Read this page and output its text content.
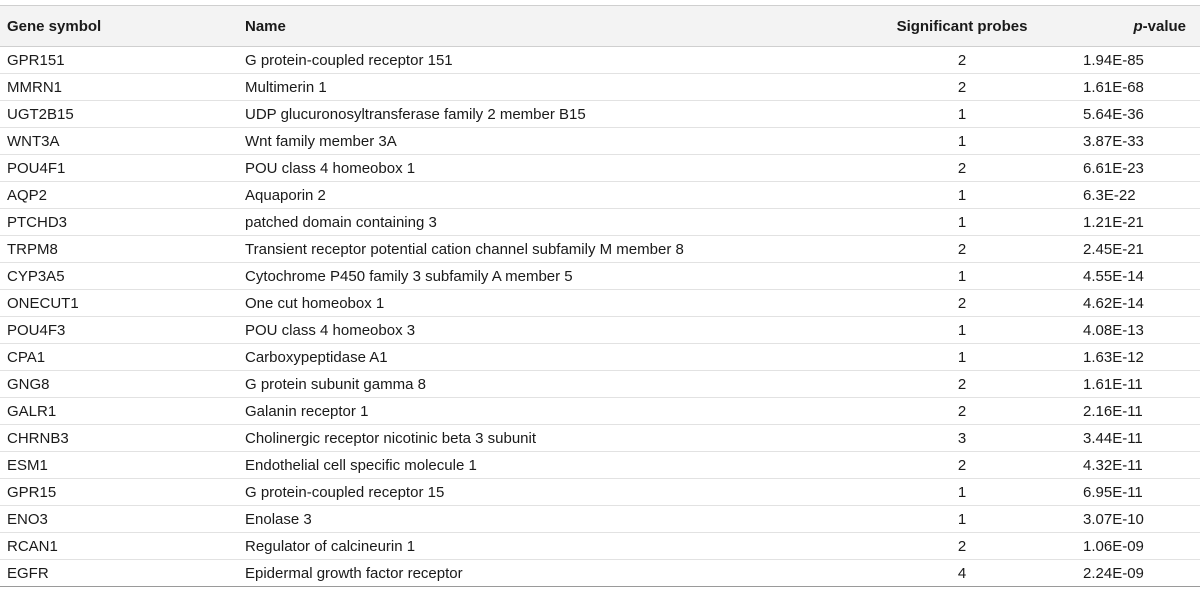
Gene symbol	Name	Significant probes	p-value
GPR151	G protein-coupled receptor 151	2	1.94E-85
MMRN1	Multimerin 1	2	1.61E-68
UGT2B15	UDP glucuronosyltransferase family 2 member B15	1	5.64E-36
WNT3A	Wnt family member 3A	1	3.87E-33
POU4F1	POU class 4 homeobox 1	2	6.61E-23
AQP2	Aquaporin 2	1	6.3E-22
PTCHD3	patched domain containing 3	1	1.21E-21
TRPM8	Transient receptor potential cation channel subfamily M member 8	2	2.45E-21
CYP3A5	Cytochrome P450 family 3 subfamily A member 5	1	4.55E-14
ONECUT1	One cut homeobox 1	2	4.62E-14
POU4F3	POU class 4 homeobox 3	1	4.08E-13
CPA1	Carboxypeptidase A1	1	1.63E-12
GNG8	G protein subunit gamma 8	2	1.61E-11
GALR1	Galanin receptor 1	2	2.16E-11
CHRNB3	Cholinergic receptor nicotinic beta 3 subunit	3	3.44E-11
ESM1	Endothelial cell specific molecule 1	2	4.32E-11
GPR15	G protein-coupled receptor 15	1	6.95E-11
ENO3	Enolase 3	1	3.07E-10
RCAN1	Regulator of calcineurin 1	2	1.06E-09
EGFR	Epidermal growth factor receptor	4	2.24E-09
